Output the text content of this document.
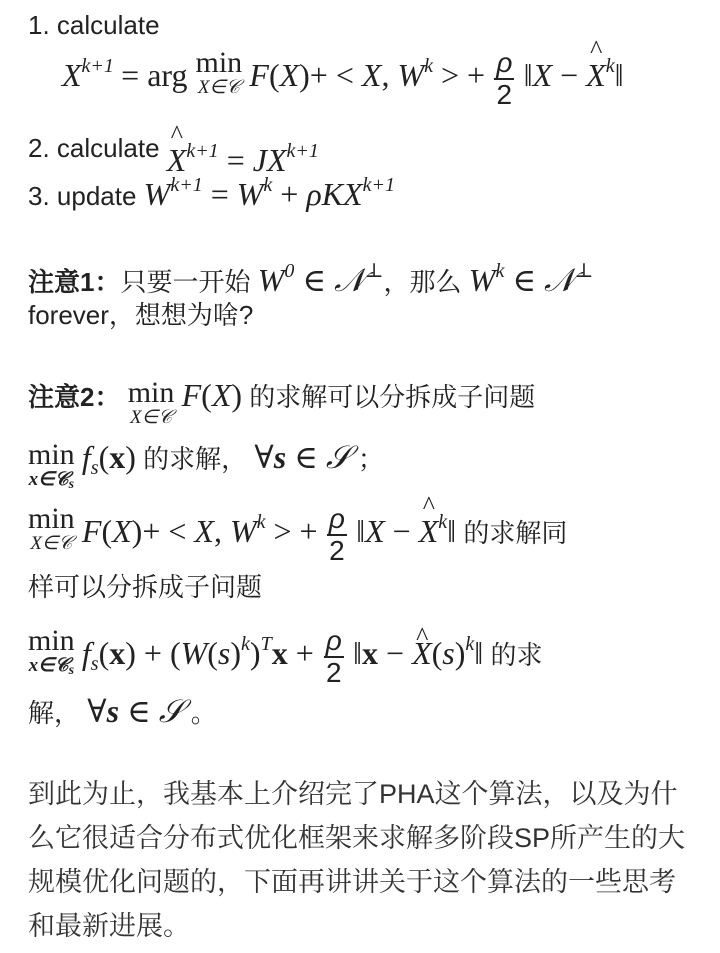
1. calculate
$X^{k+1}$ = arg min
X∈𝒞 F(X)+ < X, $W^k$ > + $\frac{\rho}{2}$ ‖X − ^ $X^k‖$
2. calculate ^ $X^{k+1} = JX^{k+1}$
3. update $W^{k+1} = W^k + \rho KX^{k+1}$
注意1：只要一开始 $W^0$ ∈ 𝒩⊥，那么 $W^k$ ∈ 𝒩⊥
forever，想想为啥?
注意2： min
X∈𝒞
F(X) 的求解可以分拆成子问题
min
x∈𝒞$_s$
$f_s(x)$ 的求解， ∀s ∈ 𝒮 ；
min
X∈𝒞 F(X)+ < X, $W^k$ > + $\frac{\rho}{2}$ ‖X − ^ $X^k‖$ 的求解同
样可以分拆成子问题
min
x∈𝒞$_s$ $f_s(x) + (W(s)^k)^Tx + \frac{\rho}{2}$ ‖x − ^ $X(s)^k‖$ 的求
解， ∀s ∈ 𝒮 。
到此为止，我基本上介绍完了PHA这个算法，以及为什么它很适合分布式优化框架来求解多阶段SP所产生的大规模优化问题的，下面再讲讲关于这个算法的一些思考和最新进展。
